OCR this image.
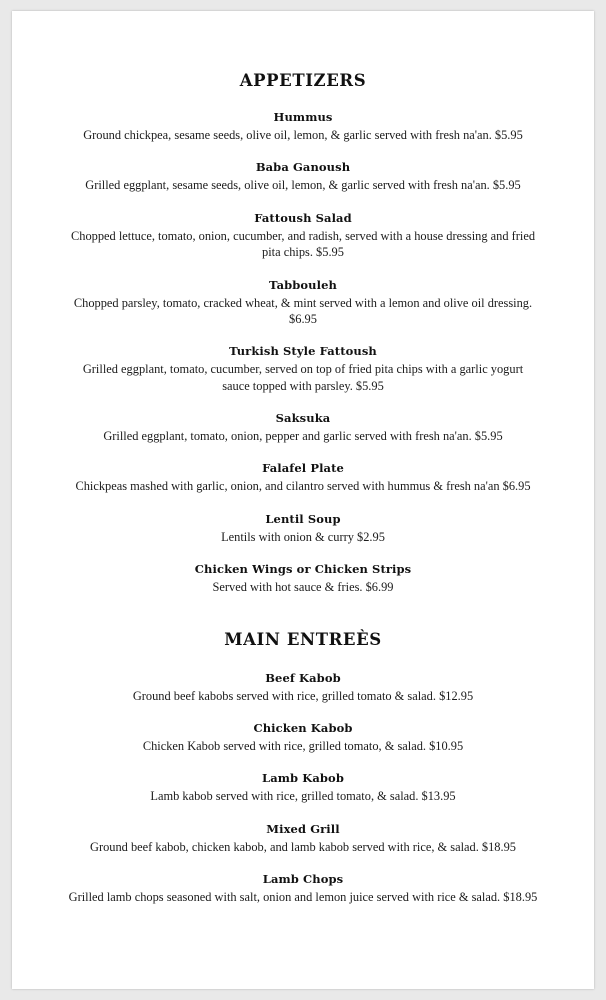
APPETIZERS
Hummus
Ground chickpea, sesame seeds, olive oil, lemon, & garlic served with fresh na'an. $5.95
Baba Ganoush
Grilled eggplant, sesame seeds, olive oil, lemon, & garlic served with fresh na'an. $5.95
Fattoush Salad
Chopped lettuce, tomato, onion, cucumber, and radish, served with a house dressing and fried pita chips. $5.95
Tabbouleh
Chopped parsley, tomato, cracked wheat, & mint served with a lemon and olive oil dressing. $6.95
Turkish Style Fattoush
Grilled eggplant, tomato, cucumber, served on top of fried pita chips with a garlic yogurt sauce topped with parsley. $5.95
Saksuka
Grilled eggplant, tomato, onion, pepper and garlic served with fresh na'an. $5.95
Falafel Plate
Chickpeas mashed with garlic, onion, and cilantro served with hummus & fresh na'an $6.95
Lentil Soup
Lentils with onion & curry $2.95
Chicken Wings or Chicken Strips
Served with hot sauce & fries. $6.99
MAIN ENTREÈS
Beef Kabob
Ground beef kabobs served with rice, grilled tomato & salad. $12.95
Chicken Kabob
Chicken Kabob served with rice, grilled tomato, & salad. $10.95
Lamb Kabob
Lamb kabob served with rice, grilled tomato, & salad. $13.95
Mixed Grill
Ground beef kabob, chicken kabob, and lamb kabob served with rice, & salad. $18.95
Lamb Chops
Grilled lamb chops seasoned with salt, onion and lemon juice served with rice & salad. $18.95
